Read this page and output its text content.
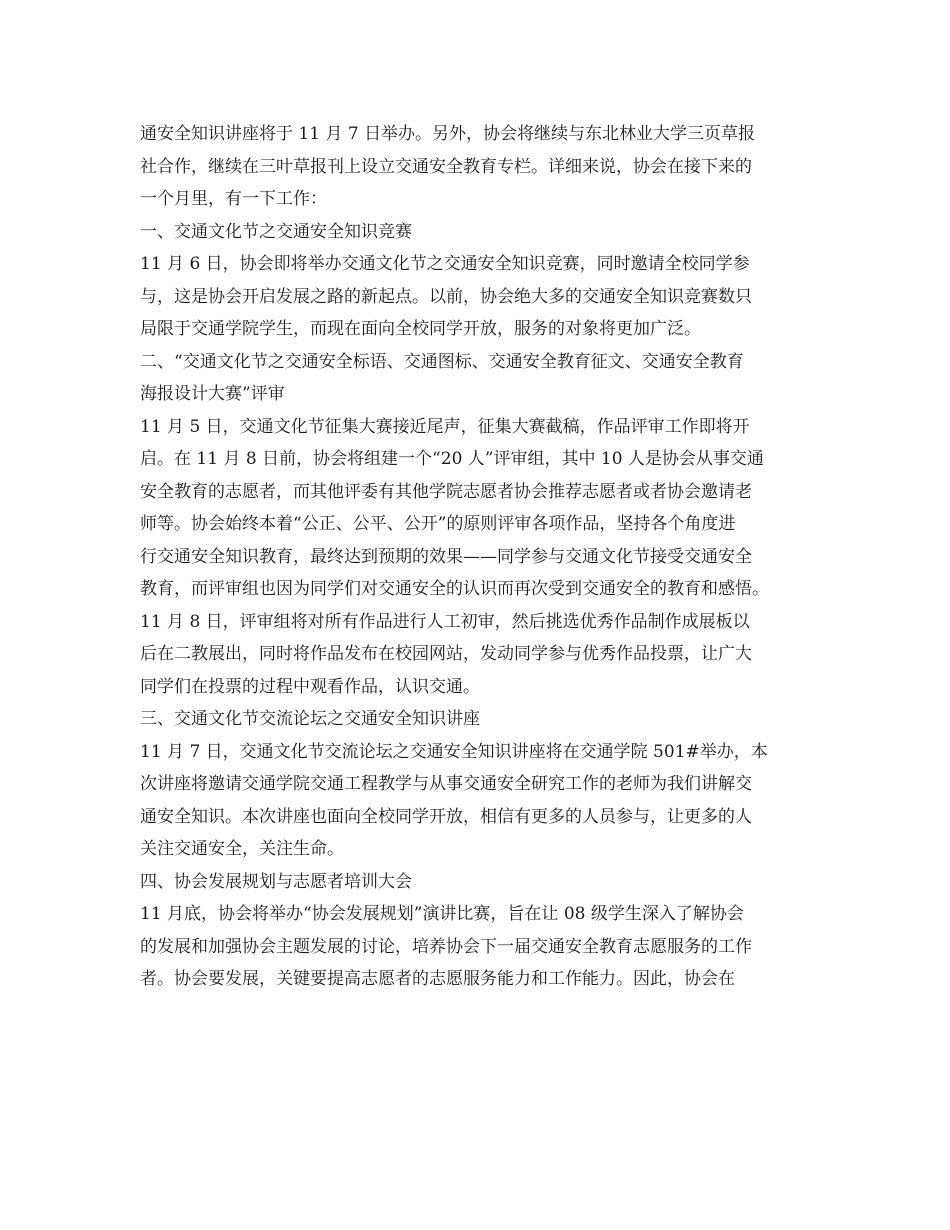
通安全知识讲座将于 11 月 7 日举办。另外，协会将继续与东北林业大学三页草报
社合作，继续在三叶草报刊上设立交通安全教育专栏。详细来说，协会在接下来的
一个月里，有一下工作：
一、交通文化节之交通安全知识竞赛
11 月 6 日，协会即将举办交通文化节之交通安全知识竞赛，同时邀请全校同学参
与，这是协会开启发展之路的新起点。以前，协会绝大多的交通安全知识竞赛数只
局限于交通学院学生，而现在面向全校同学开放，服务的对象将更加广泛。
二、“交通文化节之交通安全标语、交通图标、交通安全教育征文、交通安全教育
海报设计大赛”评审
11 月 5 日，交通文化节征集大赛接近尾声，征集大赛截稿，作品评审工作即将开
启。在 11 月 8 日前，协会将组建一个“20 人”评审组，其中 10 人是协会从事交通
安全教育的志愿者，而其他评委有其他学院志愿者协会推荐志愿者或者协会邀请老
师等。协会始终本着“公正、公平、公开”的原则评审各项作品，坚持各个角度进
行交通安全知识教育，最终达到预期的效果——同学参与交通文化节接受交通安全
教育，而评审组也因为同学们对交通安全的认识而再次受到交通安全的教育和感悟。
11 月 8 日，评审组将对所有作品进行人工初审，然后挑选优秀作品制作成展板以
后在二教展出，同时将作品发布在校园网站，发动同学参与优秀作品投票，让广大
同学们在投票的过程中观看作品，认识交通。
三、交通文化节交流论坛之交通安全知识讲座
11 月 7 日，交通文化节交流论坛之交通安全知识讲座将在交通学院 501#举办，本
次讲座将邀请交通学院交通工程教学与从事交通安全研究工作的老师为我们讲解交
通安全知识。本次讲座也面向全校同学开放，相信有更多的人员参与，让更多的人
关注交通安全，关注生命。
四、协会发展规划与志愿者培训大会
11 月底，协会将举办“协会发展规划”演讲比赛，旨在让 08 级学生深入了解协会
的发展和加强协会主题发展的讨论，培养协会下一届交通安全教育志愿服务的工作
者。协会要发展，关键要提高志愿者的志愿服务能力和工作能力。因此，协会在
